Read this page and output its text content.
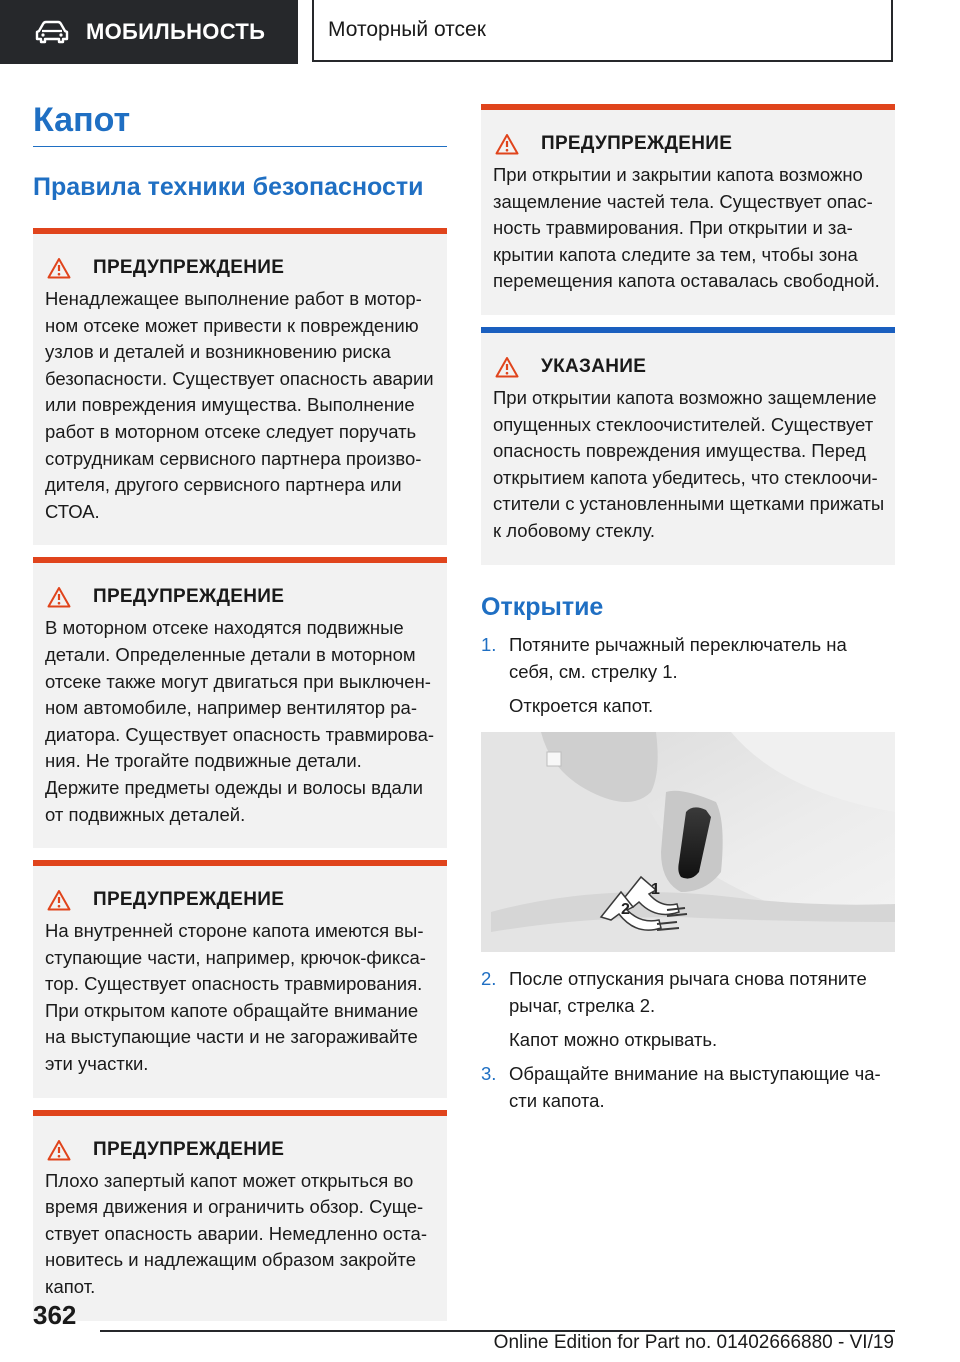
МОБИЛЬНОСТЬ	Моторный отсек
Капот
Правила техники безопасности
ПРЕДУПРЕЖДЕНИЕ
Ненадлежащее выполнение работ в мотор-
ном отсеке может привести к повреждению
узлов и деталей и возникновению риска
безопасности. Существует опасность аварии
или повреждения имущества. Выполнение
работ в моторном отсеке следует поручать
сотрудникам сервисного партнера произво-
дителя, другого сервисного партнера или
СТОА.
ПРЕДУПРЕЖДЕНИЕ
В моторном отсеке находятся подвижные
детали. Определенные детали в моторном
отсеке также могут двигаться при выключен-
ном автомобиле, например вентилятор ра-
диатора. Существует опасность травмирова-
ния. Не трогайте подвижные детали.
Держите предметы одежды и волосы вдали
от подвижных деталей.
ПРЕДУПРЕЖДЕНИЕ
На внутренней стороне капота имеются вы-
ступающие части, например, крючок-фикса-
тор. Существует опасность травмирования.
При открытом капоте обращайте внимание
на выступающие части и не загораживайте
эти участки.
ПРЕДУПРЕЖДЕНИЕ
Плохо запертый капот может открыться во
время движения и ограничить обзор. Суще-
ствует опасность аварии. Немедленно оста-
новитесь и надлежащим образом закройте
капот.
ПРЕДУПРЕЖДЕНИЕ
При открытии и закрытии капота возможно
защемление частей тела. Существует опас-
ность травмирования. При открытии и за-
крытии капота следите за тем, чтобы зона
перемещения капота оставалась свободной.
УКАЗАНИЕ
При открытии капота возможно защемление
опущенных стеклоочистителей. Существует
опасность повреждения имущества. Перед
открытием капота убедитесь, что стеклоочи-
стители с установленными щетками прижаты
к лобовому стеклу.
Открытие
1. Потяните рычажный переключатель на
себя, см. стрелку 1.
Откроется капот.
1
2
2. После отпускания рычага снова потяните
рычаг, стрелка 2.
Капот можно открывать.
3. Обращайте внимание на выступающие ча-
сти капота.
362
Online Edition for Part no. 01402666880 - VI/19
